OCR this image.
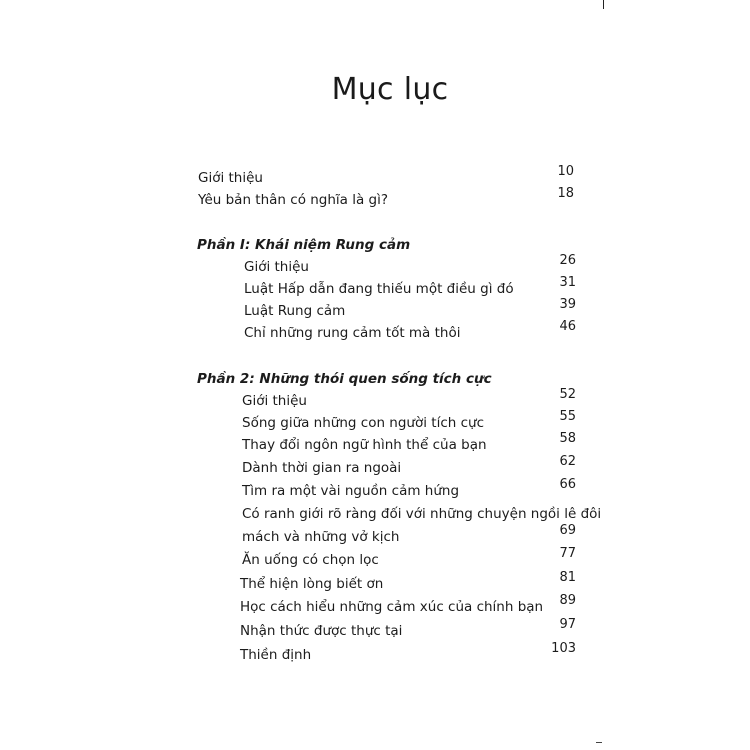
Mục lục
Giới thiệu	10
Yêu bản thân có nghĩa là gì?	18
Phần I: Khái niệm Rung cảm
Giới thiệu	26
Luật Hấp dẫn đang thiếu một điều gì đó	31
Luật Rung cảm	39
Chỉ những rung cảm tốt mà thôi	46
Phần 2: Những thói quen sống tích cực
Giới thiệu	52
Sống giữa những con người tích cực	55
Thay đổi ngôn ngữ hình thể của bạn	58
Dành thời gian ra ngoài	62
Tìm ra một vài nguồn cảm hứng	66
Có ranh giới rõ ràng đối với những chuyện ngồi lê đôi
mách và những vở kịch	69
Ăn uống có chọn lọc	77
Thể hiện lòng biết ơn	81
Học cách hiểu những cảm xúc của chính bạn	89
Nhận thức được thực tại	97
Thiền định	103
